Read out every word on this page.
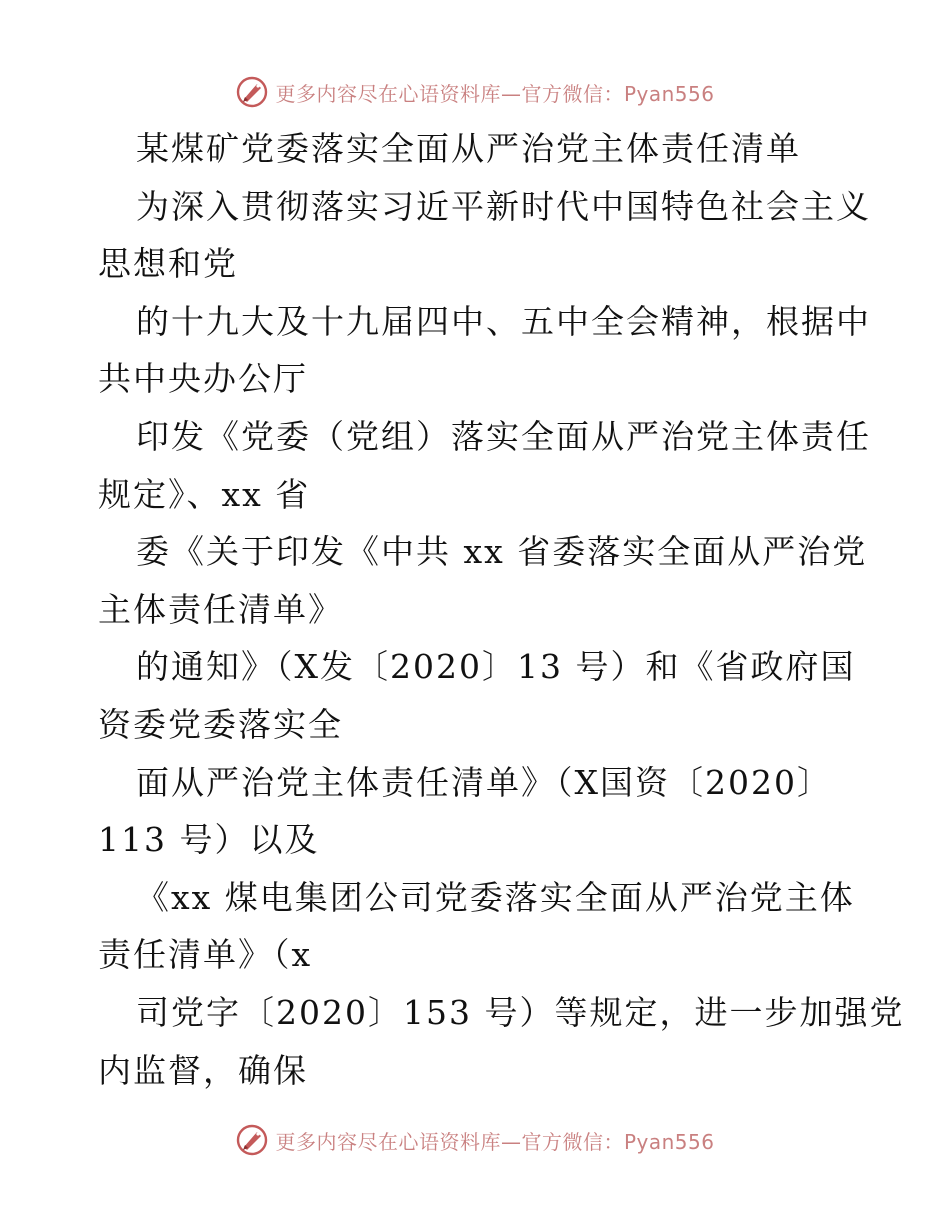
更多内容尽在心语资料库—官方微信：Pyan556
某煤矿党委落实全面从严治党主体责任清单
为深入贯彻落实习近平新时代中国特色社会主义
思想和党
的十九大及十九届四中、五中全会精神，根据中
共中央办公厅
印发《党委（党组）落实全面从严治党主体责任
规定》、xx 省
委《关于印发《中共 xx 省委落实全面从严治党
主体责任清单》
的通知》（X发〔2020〕13 号）和《省政府国
资委党委落实全
面从严治党主体责任清单》（X国资〔2020〕
113 号）以及
《xx 煤电集团公司党委落实全面从严治党主体
责任清单》（x
司党字〔2020〕153 号）等规定，进一步加强党
内监督，确保
更多内容尽在心语资料库—官方微信：Pyan556
